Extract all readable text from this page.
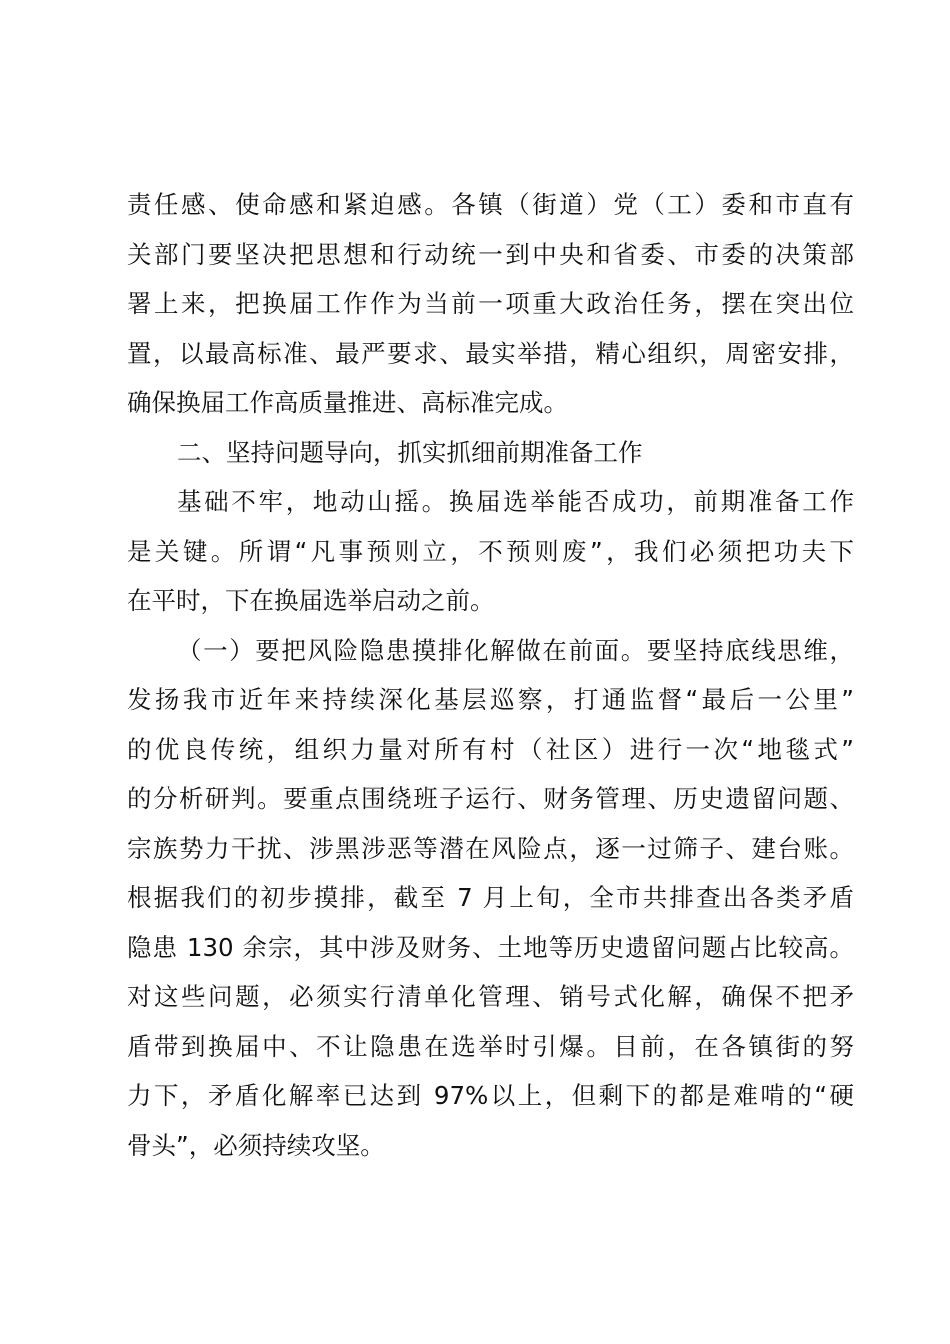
责任感、使命感和紧迫感。各镇（街道）党（工）委和市直有
关部门要坚决把思想和行动统一到中央和省委、市委的决策部
署上来，把换届工作作为当前一项重大政治任务，摆在突出位
置，以最高标准、最严要求、最实举措，精心组织，周密安排，
确保换届工作高质量推进、高标准完成。
二、坚持问题导向，抓实抓细前期准备工作
基础不牢，地动山摇。换届选举能否成功，前期准备工作
是关键。所谓“凡事预则立，不预则废”，我们必须把功夫下
在平时，下在换届选举启动之前。
（一）要把风险隐患摸排化解做在前面。要坚持底线思维，
发扬我市近年来持续深化基层巡察，打通监督“最后一公里”
的优良传统，组织力量对所有村（社区）进行一次“地毯式”
的分析研判。要重点围绕班子运行、财务管理、历史遗留问题、
宗族势力干扰、涉黑涉恶等潜在风险点，逐一过筛子、建台账。
根据我们的初步摸排，截至 7 月上旬，全市共排查出各类矛盾
隐患 130 余宗，其中涉及财务、土地等历史遗留问题占比较高。
对这些问题，必须实行清单化管理、销号式化解，确保不把矛
盾带到换届中、不让隐患在选举时引爆。目前，在各镇街的努
力下，矛盾化解率已达到 97%以上，但剩下的都是难啃的“硬
骨头”，必须持续攻坚。
